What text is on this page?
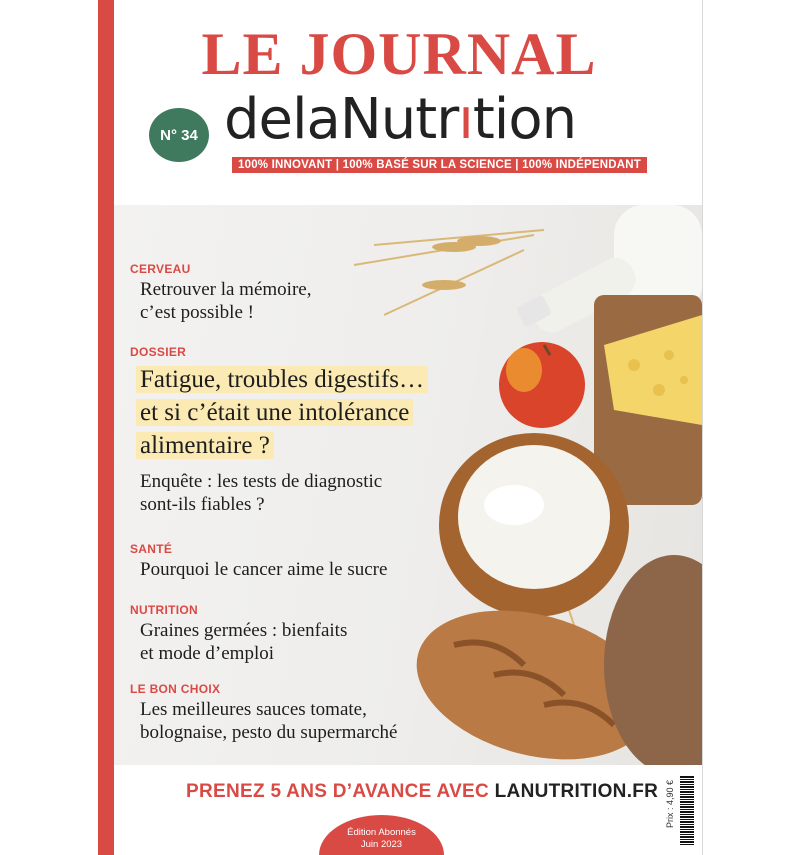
LE JOURNAL
N° 34 delaNutrıtion
100% INNOVANT | 100% BASÉ SUR LA SCIENCE | 100% INDÉPENDANT
CERVEAU
Retrouver la mémoire,
c’est possible !
DOSSIER
Fatigue, troubles digestifs…
et si c’était une intolérance
alimentaire ?
Enquête : les tests de diagnostic
sont-ils fiables ?
SANTÉ
Pourquoi le cancer aime le sucre
NUTRITION
Graines germées : bienfaits
et mode d’emploi
LE BON CHOIX
Les meilleures sauces tomate,
bolognaise, pesto du supermarché
PRENEZ 5 ANS D’AVANCE AVEC LANUTRITION.FR
Édition Abonnés
Juin 2023
Prix : 4,90 €
